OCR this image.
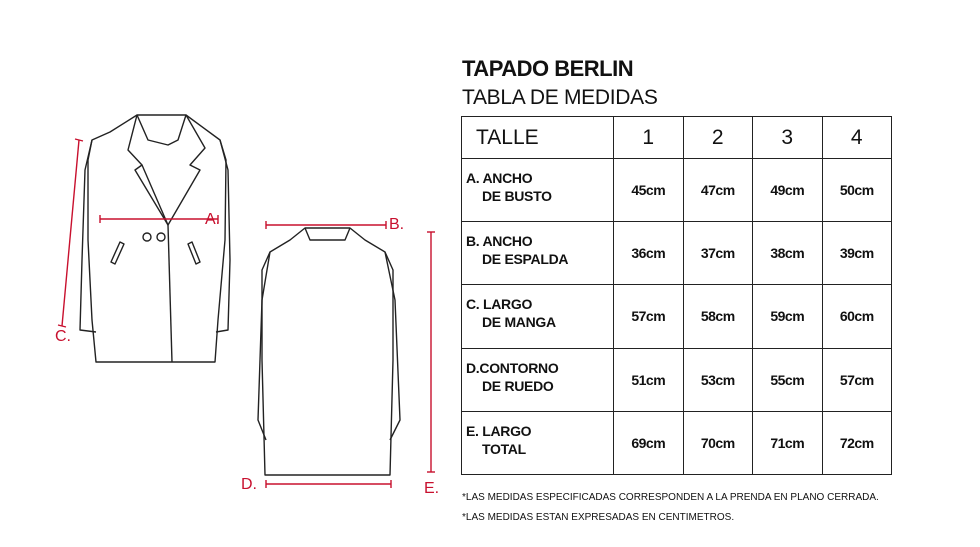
A.	B.
C.
D.	E.
TAPADO BERLIN
TABLA DE MEDIDAS
TALLE	1	2	3	4
A. ANCHO
DE BUSTO	45cm	47cm	49cm	50cm
B. ANCHO
DE ESPALDA	36cm	37cm	38cm	39cm
C. LARGO
DE MANGA	57cm	58cm	59cm	60cm
D.CONTORNO
DE RUEDO	51cm	53cm	55cm	57cm
E. LARGO
TOTAL	69cm	70cm	71cm	72cm
*LAS MEDIDAS ESPECIFICADAS CORRESPONDEN A LA PRENDA EN PLANO CERRADA.
*LAS MEDIDAS ESTAN EXPRESADAS EN CENTIMETROS.
